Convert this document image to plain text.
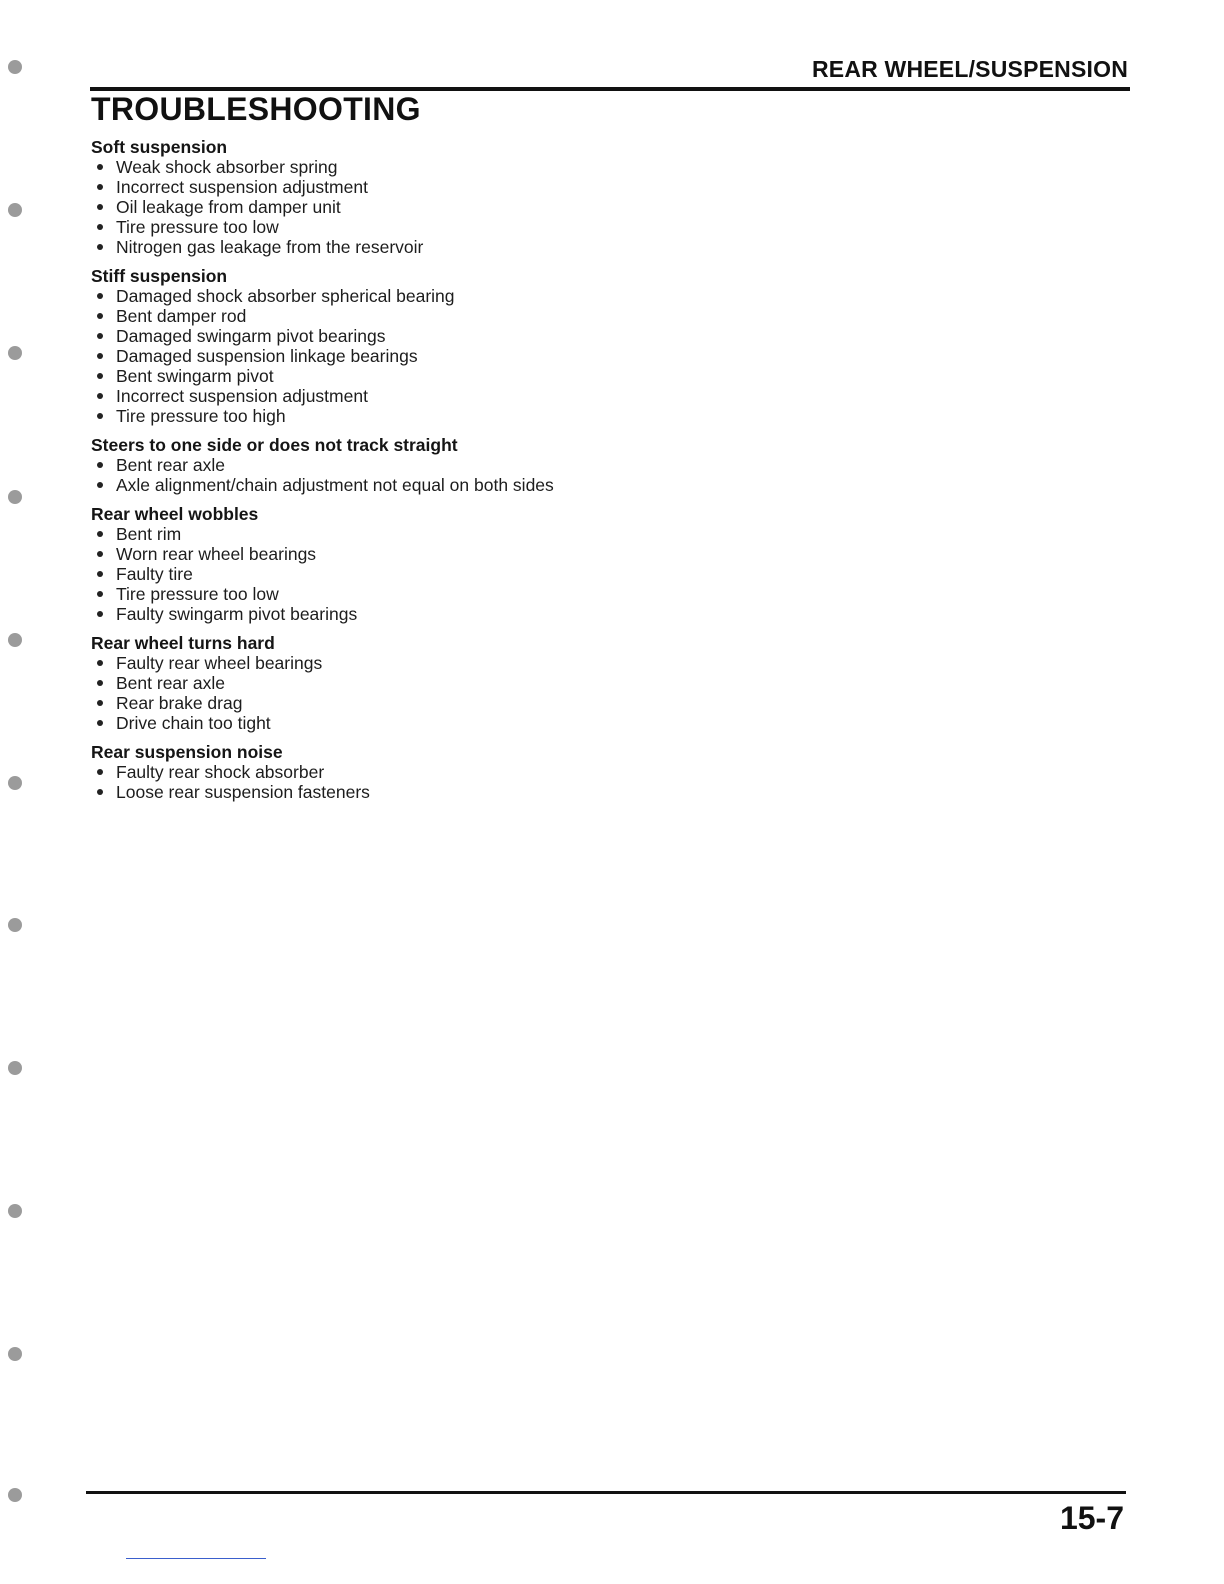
REAR WHEEL/SUSPENSION
TROUBLESHOOTING
Soft suspension
Weak shock absorber spring
Incorrect suspension adjustment
Oil leakage from damper unit
Tire pressure too low
Nitrogen gas leakage from the reservoir
Stiff suspension
Damaged shock absorber spherical bearing
Bent damper rod
Damaged swingarm pivot bearings
Damaged suspension linkage bearings
Bent swingarm pivot
Incorrect suspension adjustment
Tire pressure too high
Steers to one side or does not track straight
Bent rear axle
Axle alignment/chain adjustment not equal on both sides
Rear wheel wobbles
Bent rim
Worn rear wheel bearings
Faulty tire
Tire pressure too low
Faulty swingarm pivot bearings
Rear wheel turns hard
Faulty rear wheel bearings
Bent rear axle
Rear brake drag
Drive chain too tight
Rear suspension noise
Faulty rear shock absorber
Loose rear suspension fasteners
15-7
